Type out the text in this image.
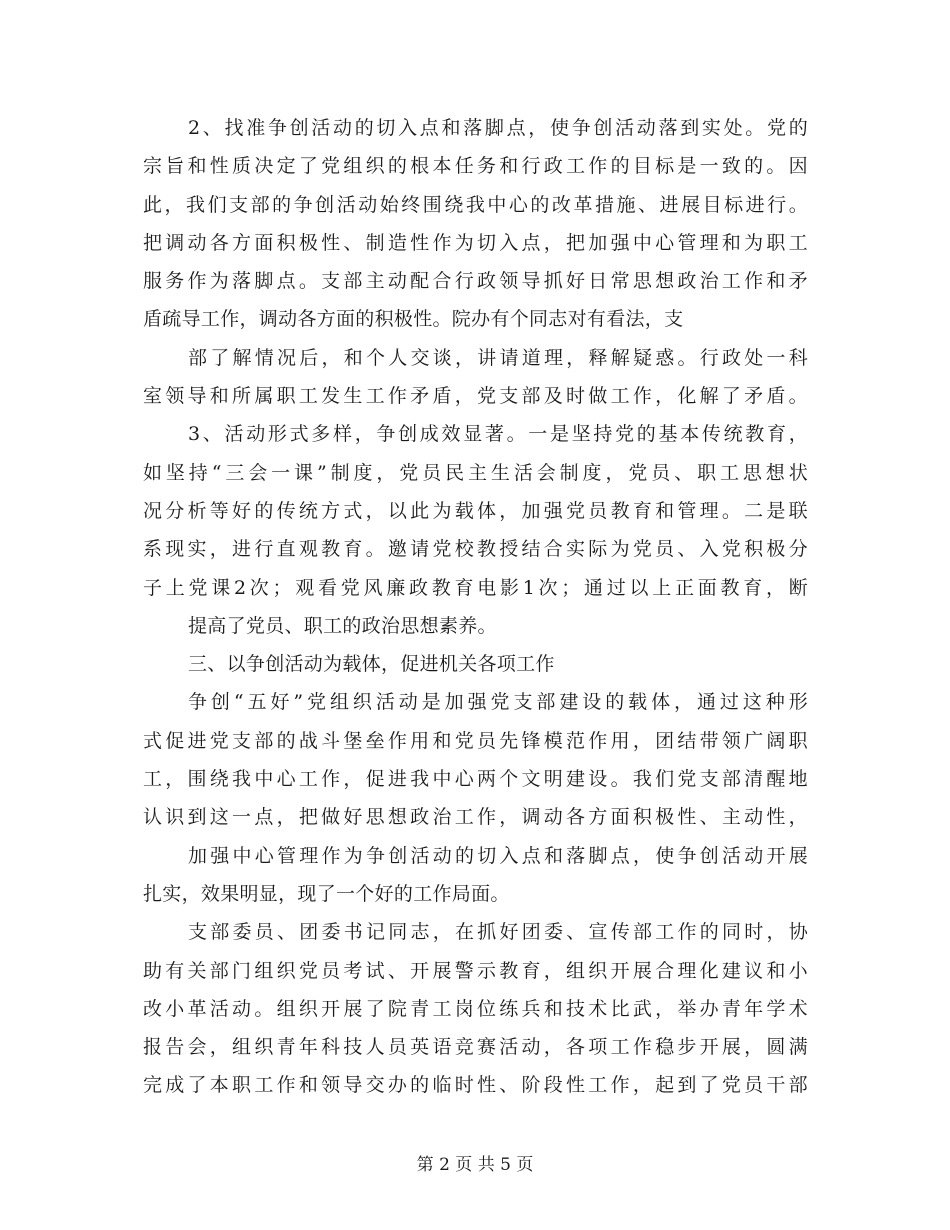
2、找准争创活动的切入点和落脚点，使争创活动落到实处。党的
宗旨和性质决定了党组织的根本任务和行政工作的目标是一致的。因
此，我们支部的争创活动始终围绕我中心的改革措施、进展目标进行。
把调动各方面积极性、制造性作为切入点，把加强中心管理和为职工
服务作为落脚点。支部主动配合行政领导抓好日常思想政治工作和矛
盾疏导工作，调动各方面的积极性。院办有个同志对有看法，支
部了解情况后，和个人交谈，讲请道理，释解疑惑。行政处一科
室领导和所属职工发生工作矛盾，党支部及时做工作，化解了矛盾。
3、活动形式多样，争创成效显著。一是坚持党的基本传统教育，
如坚持“三会一课”制度，党员民主生活会制度，党员、职工思想状
况分析等好的传统方式，以此为载体，加强党员教育和管理。二是联
系现实，进行直观教育。邀请党校教授结合实际为党员、入党积极分
子上党课2次；观看党风廉政教育电影1次；通过以上正面教育，断
提高了党员、职工的政治思想素养。
三、以争创活动为载体，促进机关各项工作
争创“五好”党组织活动是加强党支部建设的载体，通过这种形
式促进党支部的战斗堡垒作用和党员先锋模范作用，团结带领广阔职
工，围绕我中心工作，促进我中心两个文明建设。我们党支部清醒地
认识到这一点，把做好思想政治工作，调动各方面积极性、主动性，
加强中心管理作为争创活动的切入点和落脚点，使争创活动开展
扎实，效果明显，现了一个好的工作局面。
支部委员、团委书记同志，在抓好团委、宣传部工作的同时，协
助有关部门组织党员考试、开展警示教育，组织开展合理化建议和小
改小革活动。组织开展了院青工岗位练兵和技术比武，举办青年学术
报告会，组织青年科技人员英语竞赛活动，各项工作稳步开展，圆满
完成了本职工作和领导交办的临时性、阶段性工作，起到了党员干部
第 2 页 共 5 页
